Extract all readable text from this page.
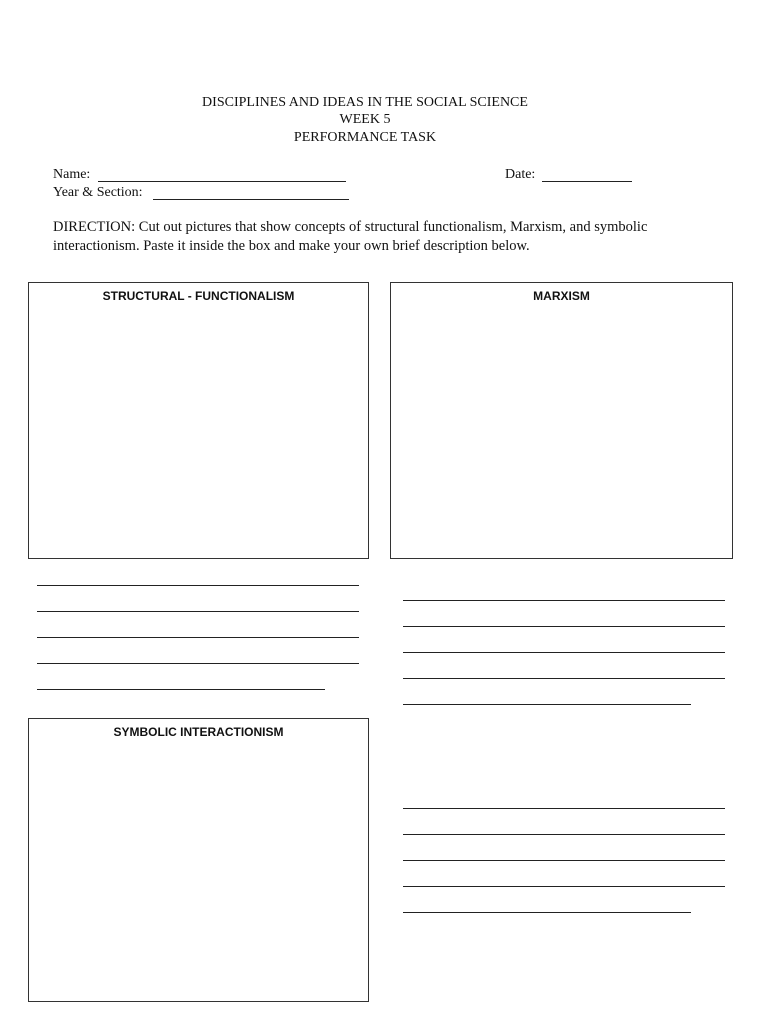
DISCIPLINES AND IDEAS IN THE SOCIAL SCIENCE
WEEK 5
PERFORMANCE TASK
Name:	Date:
Year & Section:
DIRECTION: Cut out pictures that show concepts of structural functionalism, Marxism, and symbolic interactionism. Paste it inside the box and make your own brief description below.
STRUCTURAL - FUNCTIONALISM	MARXISM
SYMBOLIC INTERACTIONISM
